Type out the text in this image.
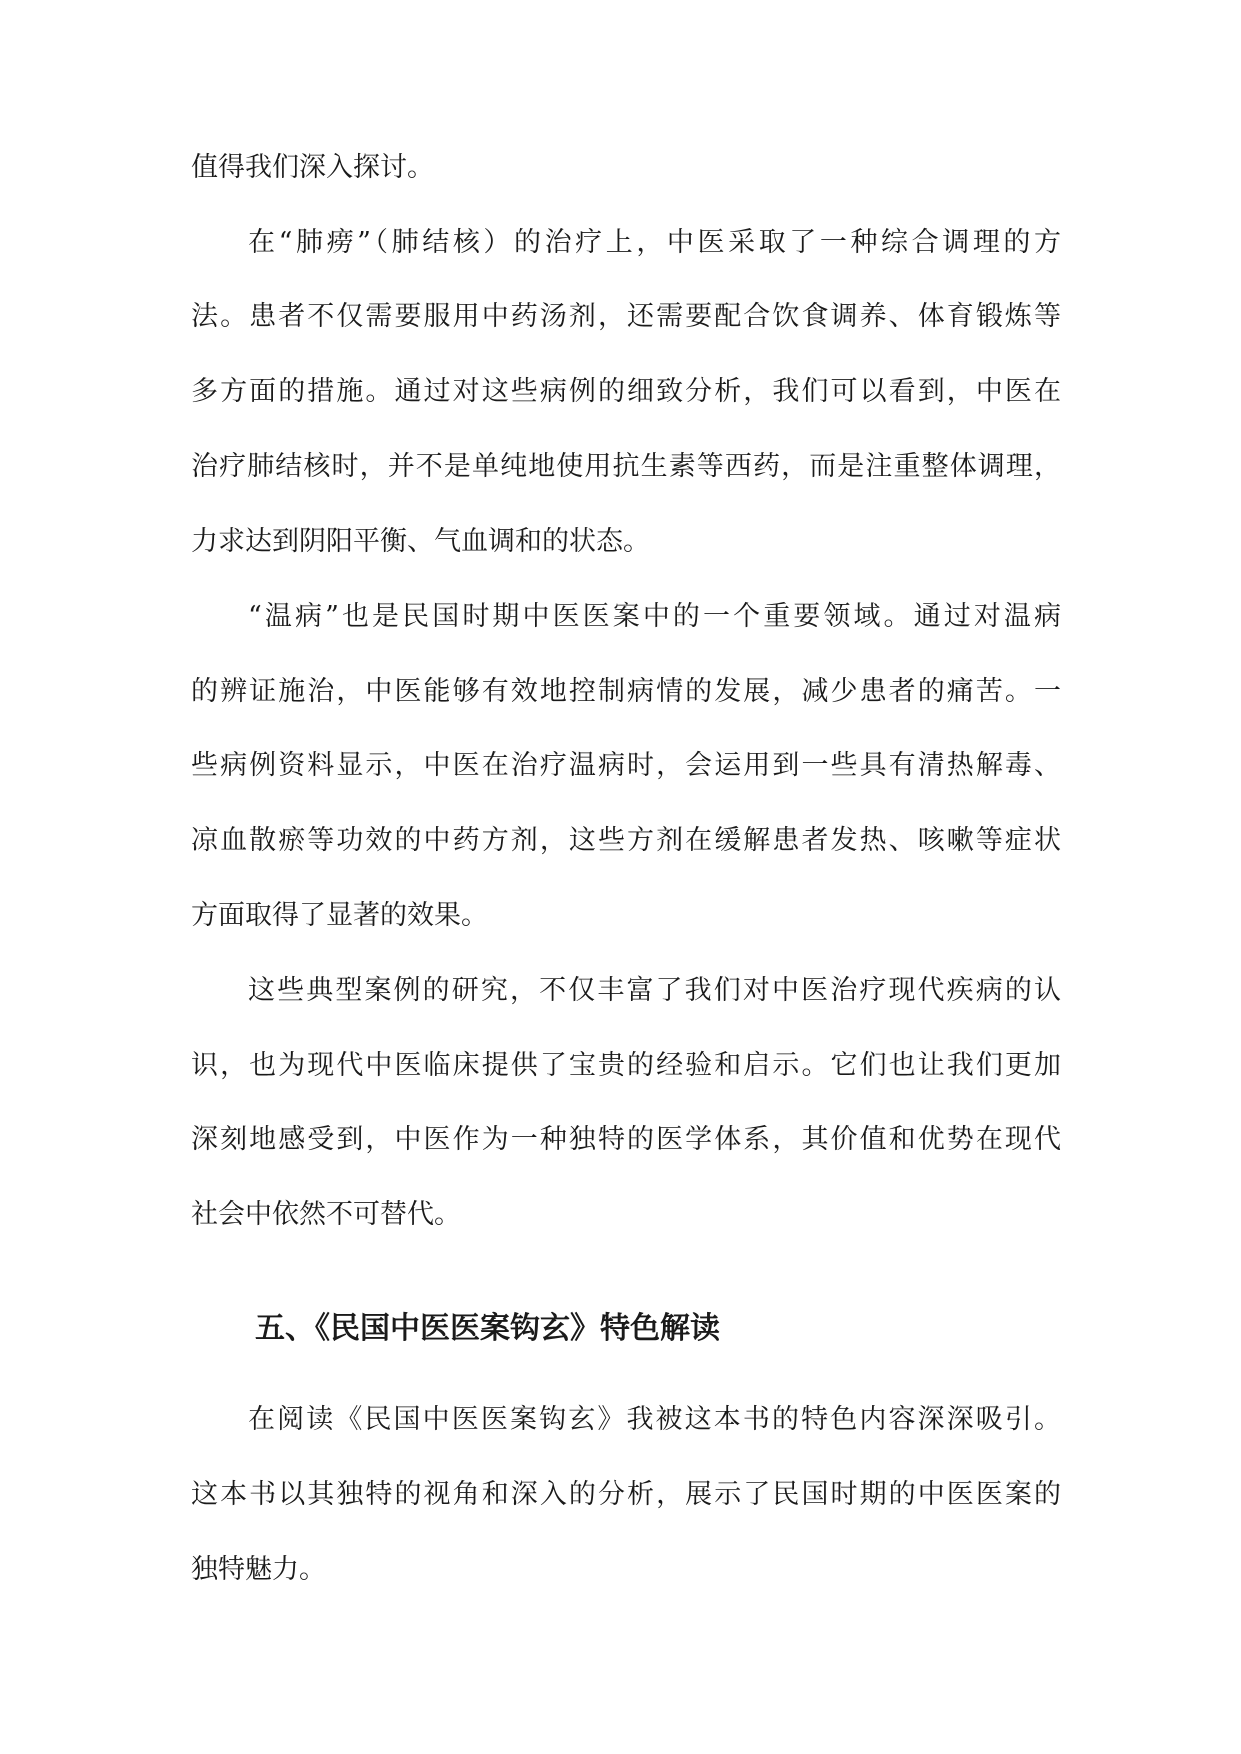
值得我们深入探讨。
在“肺痨”（肺结核）的治疗上，中医采取了一种综合调理的方
法。患者不仅需要服用中药汤剂，还需要配合饮食调养、体育锻炼等
多方面的措施。通过对这些病例的细致分析，我们可以看到，中医在
治疗肺结核时，并不是单纯地使用抗生素等西药，而是注重整体调理，
力求达到阴阳平衡、气血调和的状态。
“温病”也是民国时期中医医案中的一个重要领域。通过对温病
的辨证施治，中医能够有效地控制病情的发展，减少患者的痛苦。一
些病例资料显示，中医在治疗温病时，会运用到一些具有清热解毒、
凉血散瘀等功效的中药方剂，这些方剂在缓解患者发热、咳嗽等症状
方面取得了显著的效果。
这些典型案例的研究，不仅丰富了我们对中医治疗现代疾病的认
识，也为现代中医临床提供了宝贵的经验和启示。它们也让我们更加
深刻地感受到，中医作为一种独特的医学体系，其价值和优势在现代
社会中依然不可替代。
五、《民国中医医案钩玄》特色解读
在阅读《民国中医医案钩玄》我被这本书的特色内容深深吸引。
这本书以其独特的视角和深入的分析，展示了民国时期的中医医案的
独特魅力。
